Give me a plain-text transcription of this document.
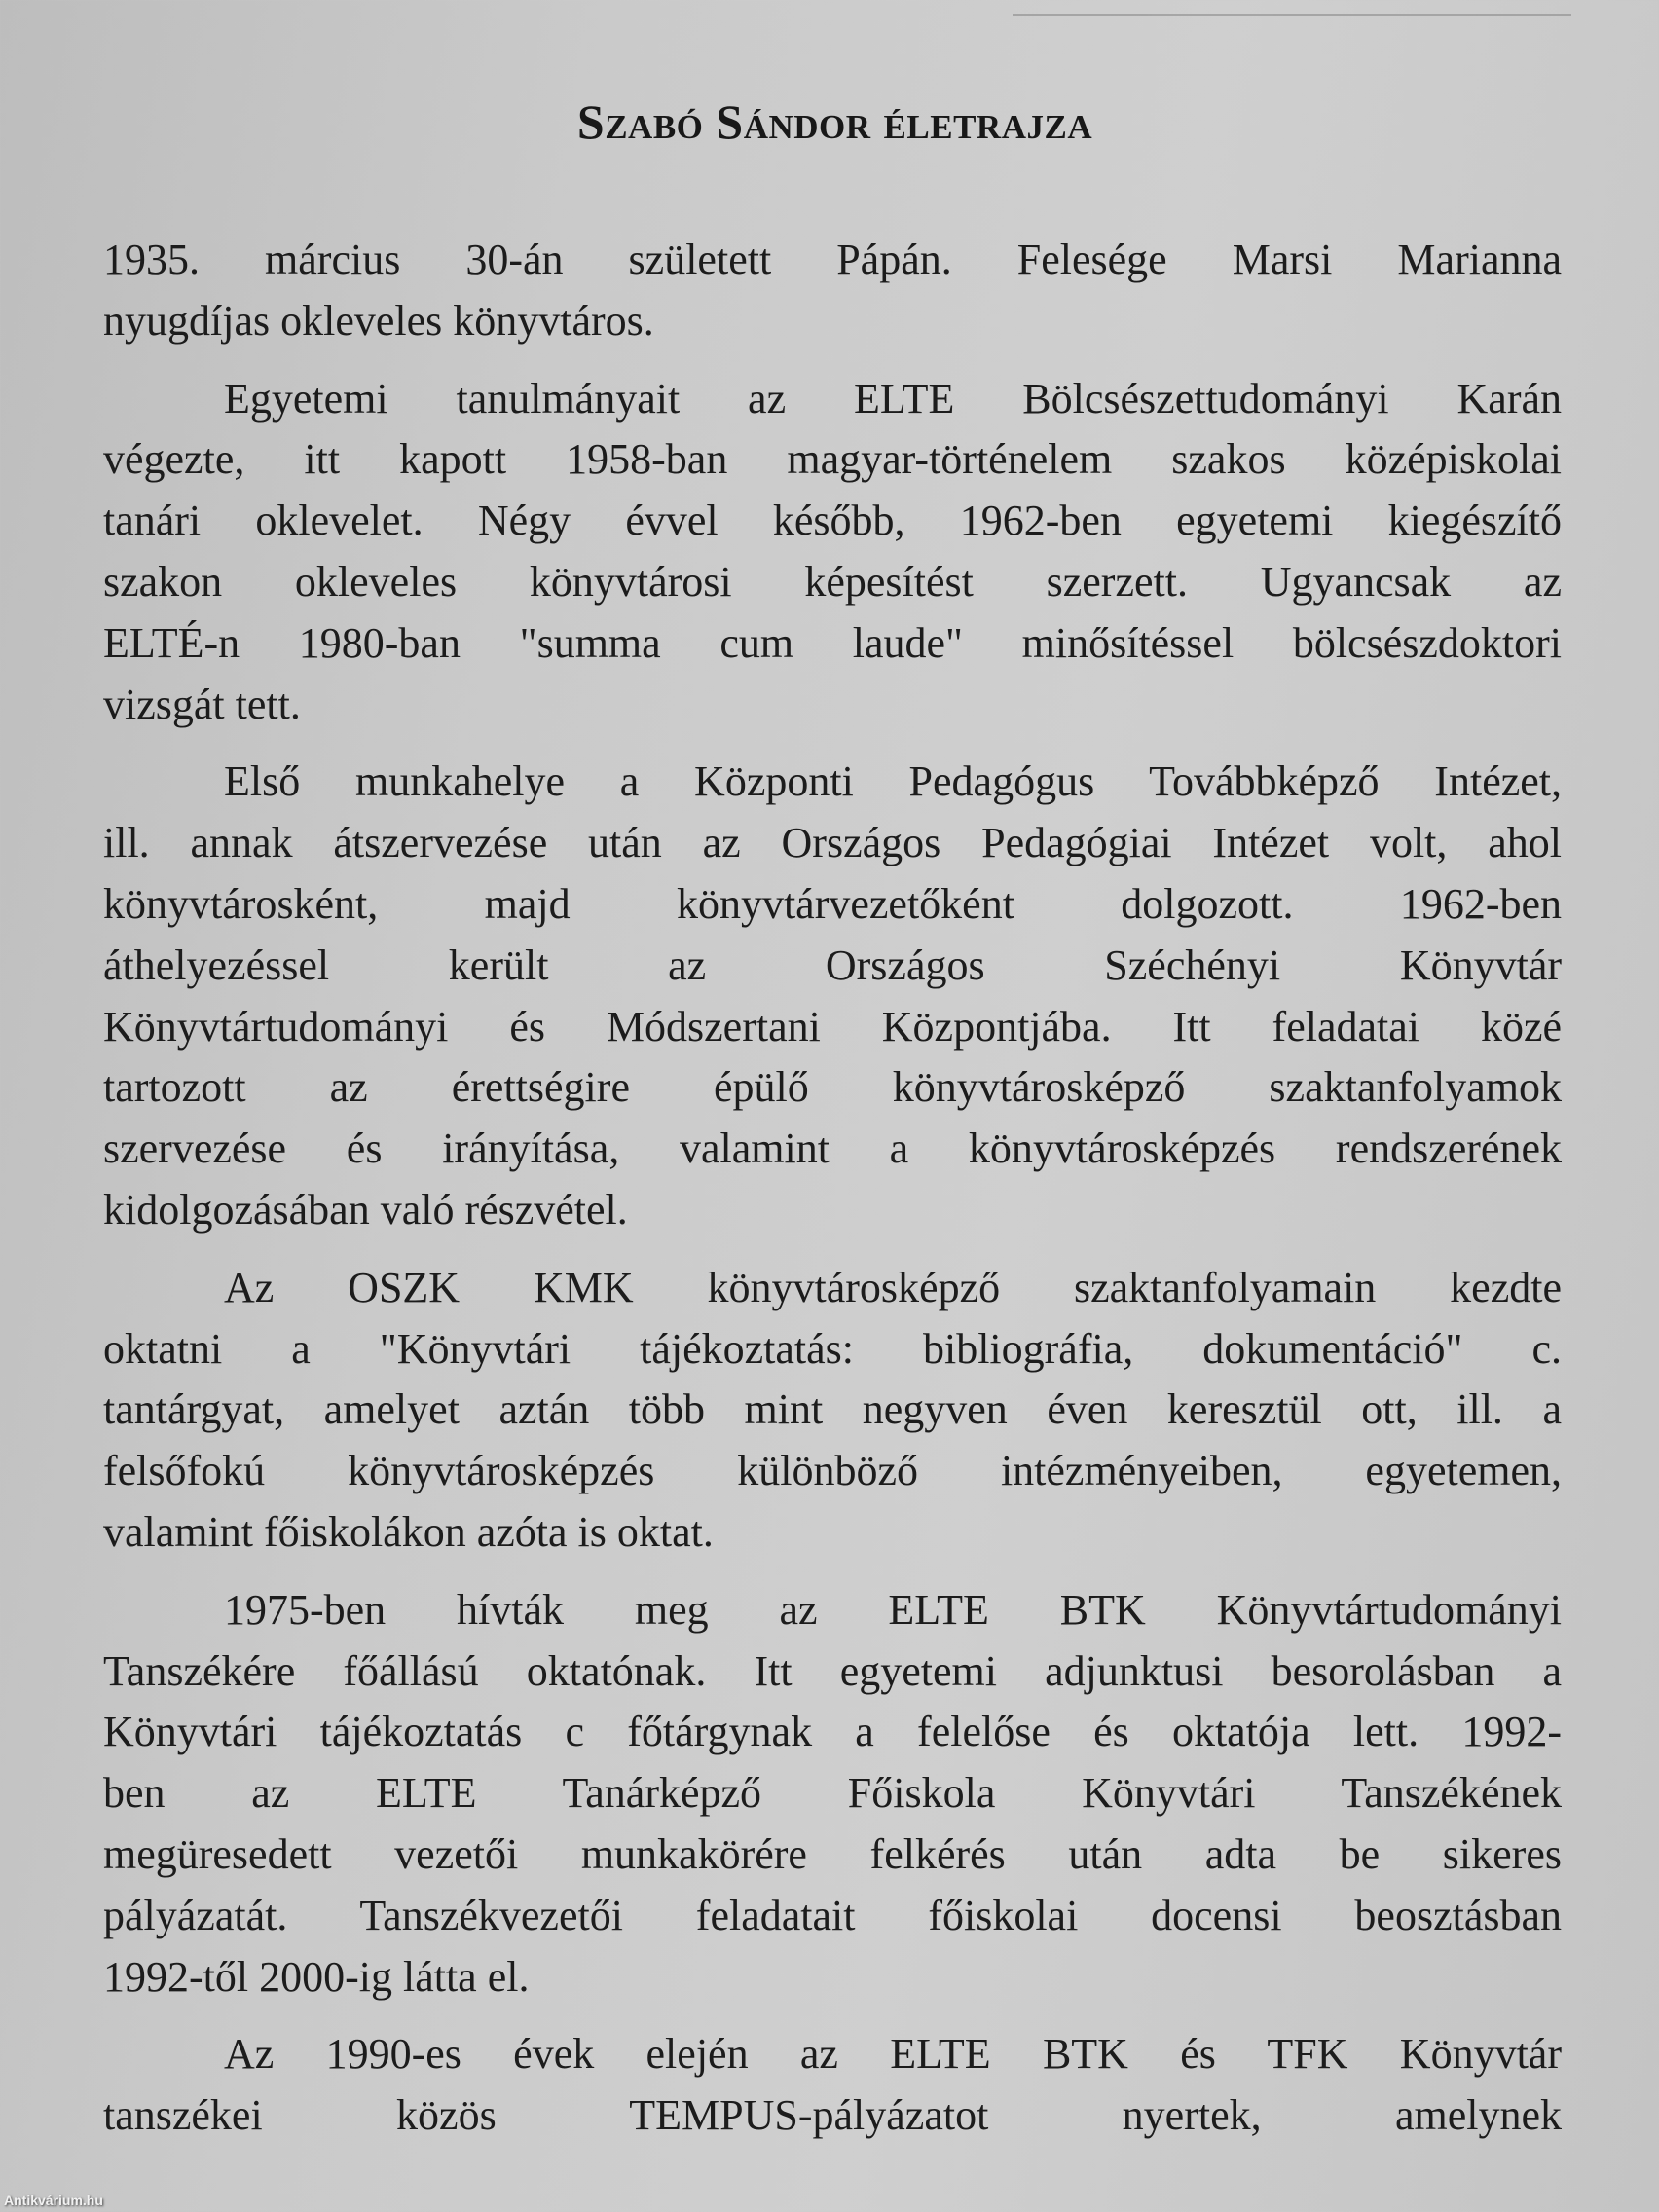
Szabó Sándor életrajza
1935. március 30-án született Pápán. Felesége Marsi Marianna
nyugdíjas okleveles könyvtáros.
Egyetemi tanulmányait az ELTE Bölcsészettudományi Karán
végezte, itt kapott 1958-ban magyar-történelem szakos középiskolai
tanári oklevelet. Négy évvel később, 1962-ben egyetemi kiegészítő
szakon okleveles könyvtárosi képesítést szerzett. Ugyancsak az
ELTÉ-n 1980-ban "summa cum laude" minősítéssel bölcsészdoktori
vizsgát tett.
Első munkahelye a Központi Pedagógus Továbbképző Intézet,
ill. annak átszervezése után az Országos Pedagógiai Intézet volt, ahol
könyvtárosként, majd könyvtárvezetőként dolgozott. 1962-ben
áthelyezéssel került az Országos Széchényi Könyvtár
Könyvtártudományi és Módszertani Központjába. Itt feladatai közé
tartozott az érettségire épülő könyvtárosképző szaktanfolyamok
szervezése és irányítása, valamint a könyvtárosképzés rendszerének
kidolgozásában való részvétel.
Az OSZK KMK könyvtárosképző szaktanfolyamain kezdte
oktatni a "Könyvtári tájékoztatás: bibliográfia, dokumentáció" c.
tantárgyat, amelyet aztán több mint negyven éven keresztül ott, ill. a
felsőfokú könyvtárosképzés különböző intézményeiben, egyetemen,
valamint főiskolákon azóta is oktat.
1975-ben hívták meg az ELTE BTK Könyvtártudományi
Tanszékére főállású oktatónak. Itt egyetemi adjunktusi besorolásban a
Könyvtári tájékoztatás c főtárgynak a felelőse és oktatója lett. 1992-
ben az ELTE Tanárképző Főiskola Könyvtári Tanszékének
megüresedett vezetői munkakörére felkérés után adta be sikeres
pályázatát. Tanszékvezetői feladatait főiskolai docensi beosztásban
1992-től 2000-ig látta el.
Az 1990-es évek elején az ELTE BTK és TFK Könyvtár
tanszékei közös TEMPUS-pályázatot nyertek, amelynek
Antikvárium.hu
